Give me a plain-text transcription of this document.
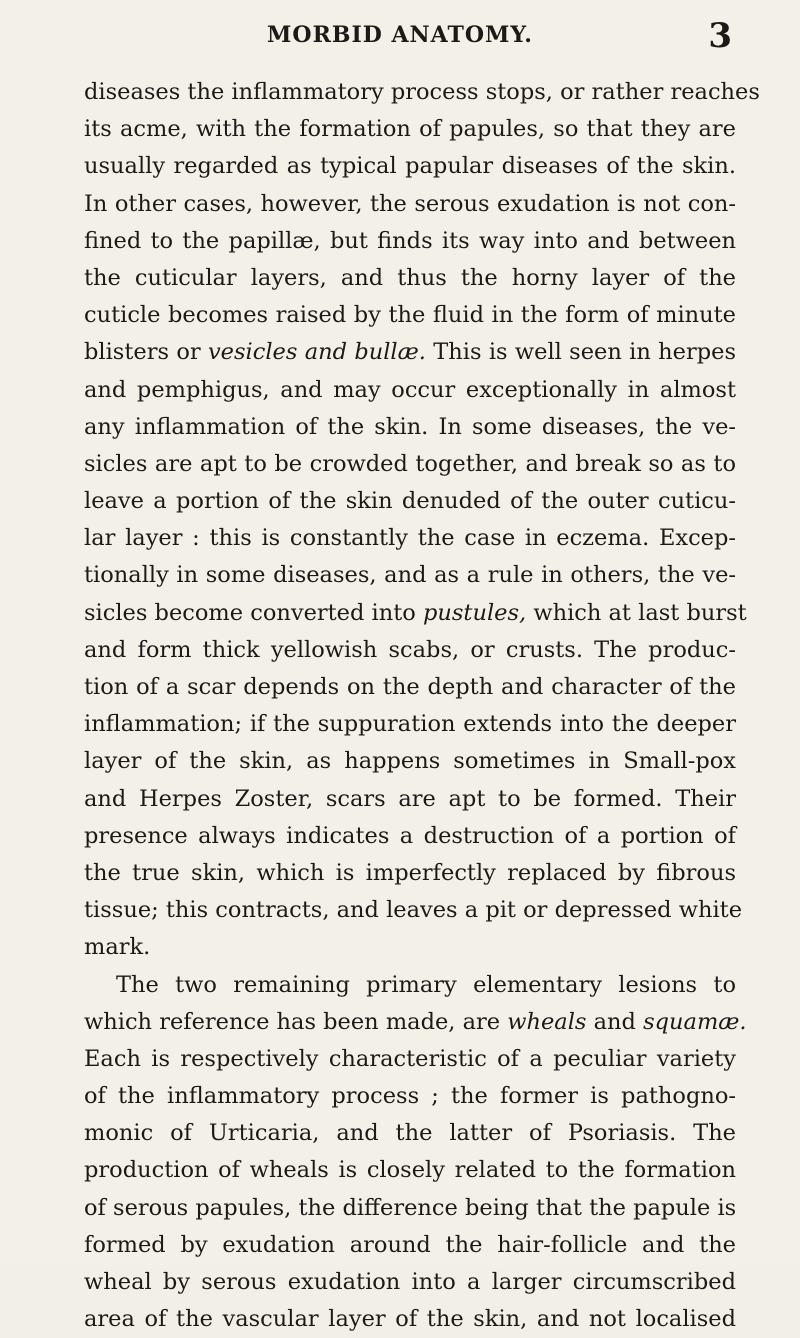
MORBID ANATOMY.	3
diseases the inflammatory process stops, or rather reaches
its acme, with the formation of papules, so that they are
usually regarded as typical papular diseases of the skin.
In other cases, however, the serous exudation is not con-
fined to the papillæ, but finds its way into and between
the cuticular layers, and thus the horny layer of the
cuticle becomes raised by the fluid in the form of minute
blisters or vesicles and bullæ. This is well seen in herpes
and pemphigus, and may occur exceptionally in almost
any inflammation of the skin. In some diseases, the ve-
sicles are apt to be crowded together, and break so as to
leave a portion of the skin denuded of the outer cuticu-
lar layer : this is constantly the case in eczema. Excep-
tionally in some diseases, and as a rule in others, the ve-
sicles become converted into pustules, which at last burst
and form thick yellowish scabs, or crusts. The produc-
tion of a scar depends on the depth and character of the
inflammation; if the suppuration extends into the deeper
layer of the skin, as happens sometimes in Small-pox
and Herpes Zoster, scars are apt to be formed. Their
presence always indicates a destruction of a portion of
the true skin, which is imperfectly replaced by fibrous
tissue; this contracts, and leaves a pit or depressed white
mark.
The two remaining primary elementary lesions to
which reference has been made, are wheals and squamæ.
Each is respectively characteristic of a peculiar variety
of the inflammatory process ; the former is pathogno-
monic of Urticaria, and the latter of Psoriasis. The
production of wheals is closely related to the formation
of serous papules, the difference being that the papule is
formed by exudation around the hair-follicle and the
wheal by serous exudation into a larger circumscribed
area of the vascular layer of the skin, and not localised
